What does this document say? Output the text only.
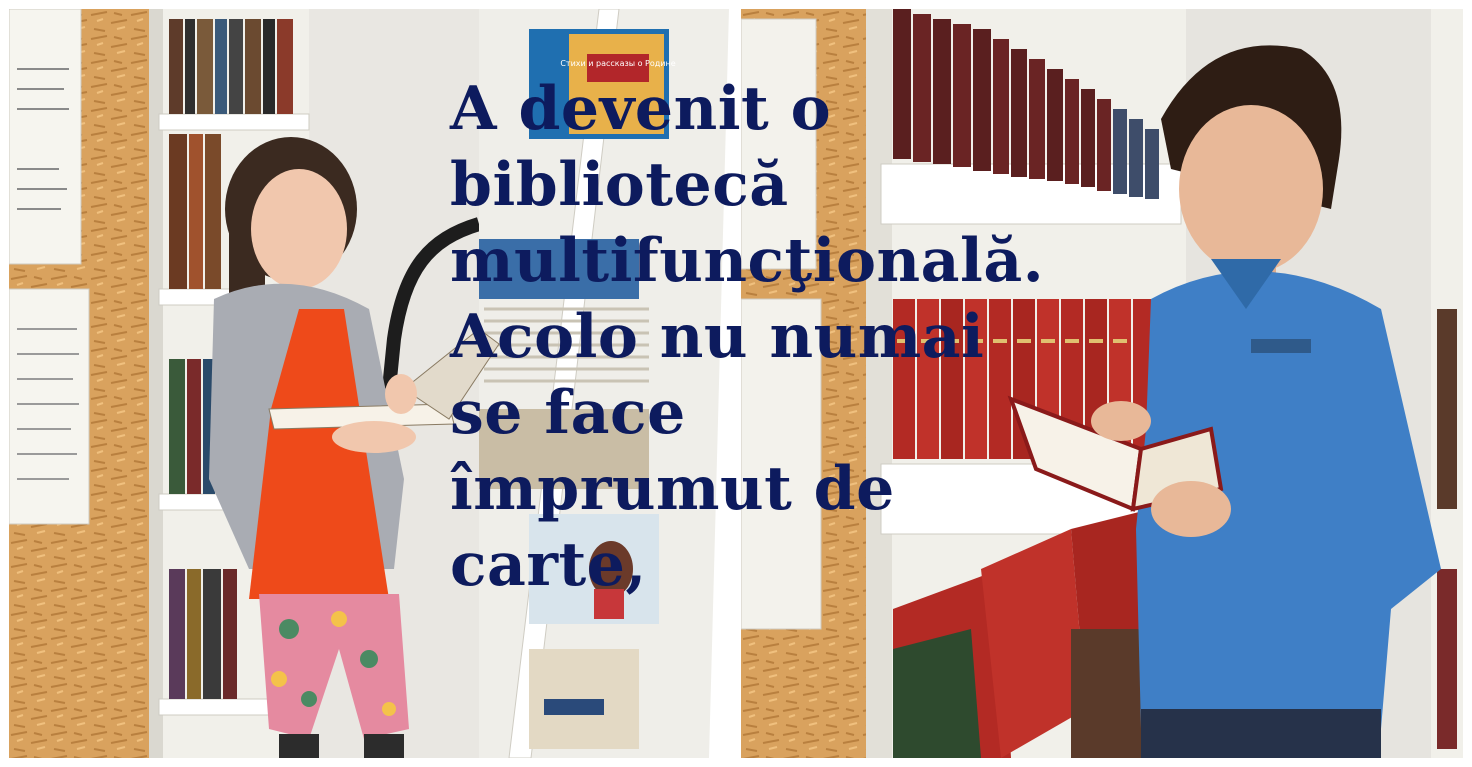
Стихи и рассказы о Родине
A devenit o
bibliotecă
multifuncţională.
Acolo nu numai
se face
împrumut de
carte,
